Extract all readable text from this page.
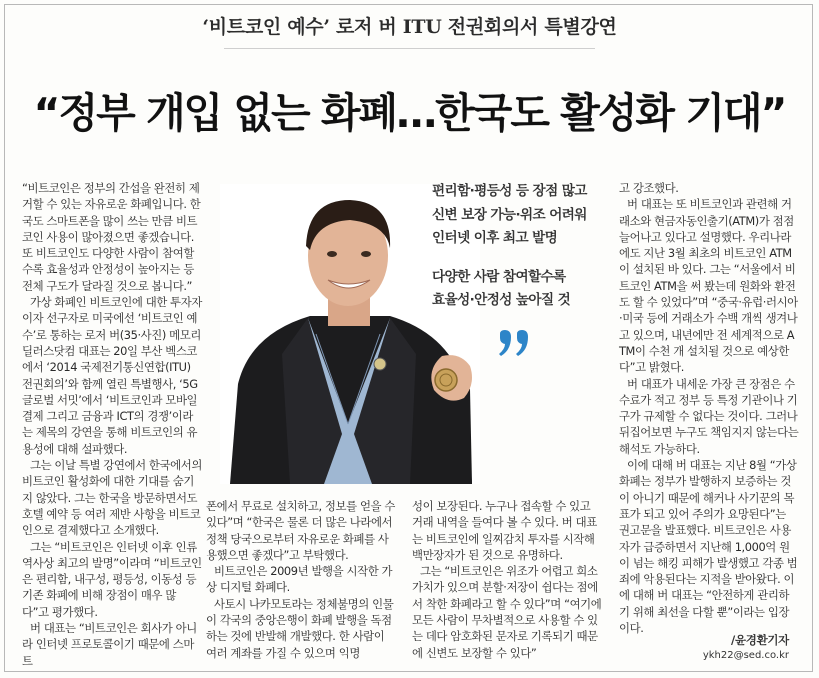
‘비트코인 예수’ 로저 버 ITU 전권회의서 특별강연
“정부 개입 없는 화폐…한국도 활성화 기대”

“비트코인은 정부의 간섭을 완전히 제거할 수 있는 자유로운 화폐입니다. 한국도 스마트폰을 많이 쓰는 만큼 비트코인 사용이 많아졌으면 좋겠습니다. 또 비트코인도 다양한 사람이 참여할수록 효율성과 안정성이 높아지는 등 전체 구도가 달라질 것으로 봅니다.”

가상 화폐인 비트코인에 대한 투자자이자 선구자로 미국에선 ‘비트코인 예수’로 통하는 로저 버(35·사진) 메모리딜러스닷컴 대표는 20일 부산 벡스코에서 ‘2014 국제전기통신연합(ITU) 전권회의’와 함께 열린 특별행사, ‘5G 글로벌 서밋’에서 ‘비트코인과 모바일 결제 그리고 금융과 ICT의 경쟁’이라는 제목의 강연을 통해 비트코인의 유용성에 대해 설파했다.

그는 이날 특별 강연에서 한국에서의 비트코인 활성화에 대한 기대를 숨기지 않았다. 그는 한국을 방문하면서도 호텔 예약 등 여러 제반 사항을 비트코인으로 결제했다고 소개했다.

그는 “비트코인은 인터넷 이후 인류 역사상 최고의 발명”이라며 “비트코인은 편리함, 내구성, 평등성, 이동성 등 기존 화폐에 비해 장점이 매우 많다”고 평가했다.

버 대표는 “비트코인은 회사가 아니라 인터넷 프로토콜이기 때문에 스마트

편리함·평등성 등 장점 많고
신변 보장 가능·위조 어려워
인터넷 이후 최고 발명
다양한 사람 참여할수록
효율성·안정성 높아질 것

폰에서 무료로 설치하고, 정보를 얻을 수 있다”며 “한국은 물론 더 많은 나라에서 정책 당국으로부터 자유로운 화폐를 사용했으면 좋겠다”고 부탁했다.

비트코인은 2009년 발행을 시작한 가상 디지털 화폐다.

사토시 나카모토라는 정체불명의 인물이 각국의 중앙은행이 화폐 발행을 독점하는 것에 반발해 개발했다. 한 사람이 여러 계좌를 가질 수 있으며 익명

성이 보장된다. 누구나 접속할 수 있고 거래 내역을 들여다 볼 수 있다. 버 대표는 비트코인에 일찌감치 투자를 시작해 백만장자가 된 것으로 유명하다.

그는 “비트코인은 위조가 어렵고 희소가치가 있으며 분할·저장이 쉽다는 점에서 착한 화폐라고 할 수 있다”며 “여기에 모든 사람이 무차별적으로 사용할 수 있는 데다 암호화된 문자로 기록되기 때문에 신변도 보장할 수 있다”

고 강조했다.

버 대표는 또 비트코인과 관련해 거래소와 현금자동인출기(ATM)가 점점 늘어나고 있다고 설명했다. 우리나라에도 지난 3월 최초의 비트코인 ATM이 설치된 바 있다. 그는 “서울에서 비트코인 ATM을 써 봤는데 원화와 환전도 할 수 있었다”며 “중국·유럽·러시아·미국 등에 거래소가 수백 개씩 생겨나고 있으며, 내년에만 전 세계적으로 ATM이 수천 개 설치될 것으로 예상한다”고 밝혔다.

버 대표가 내세운 가장 큰 장점은 수수료가 적고 정부 등 특정 기관이나 기구가 규제할 수 없다는 것이다. 그러나 뒤집어보면 누구도 책임지지 않는다는 해석도 가능하다.

이에 대해 버 대표는 지난 8월 “가상화폐는 정부가 발행하지 보증하는 것이 아니기 때문에 해커나 사기꾼의 목표가 되고 있어 주의가 요망된다”는 권고문을 발표했다. 비트코인은 사용자가 급증하면서 지난해 1,000억 원이 넘는 해킹 피해가 발생했고 각종 범죄에 악용된다는 지적을 받아왔다. 이에 대해 버 대표는 “안전하게 관리하기 위해 최선을 다할 뿐”이라는 입장이다.

/윤경환기자
ykh22@sed.co.kr
